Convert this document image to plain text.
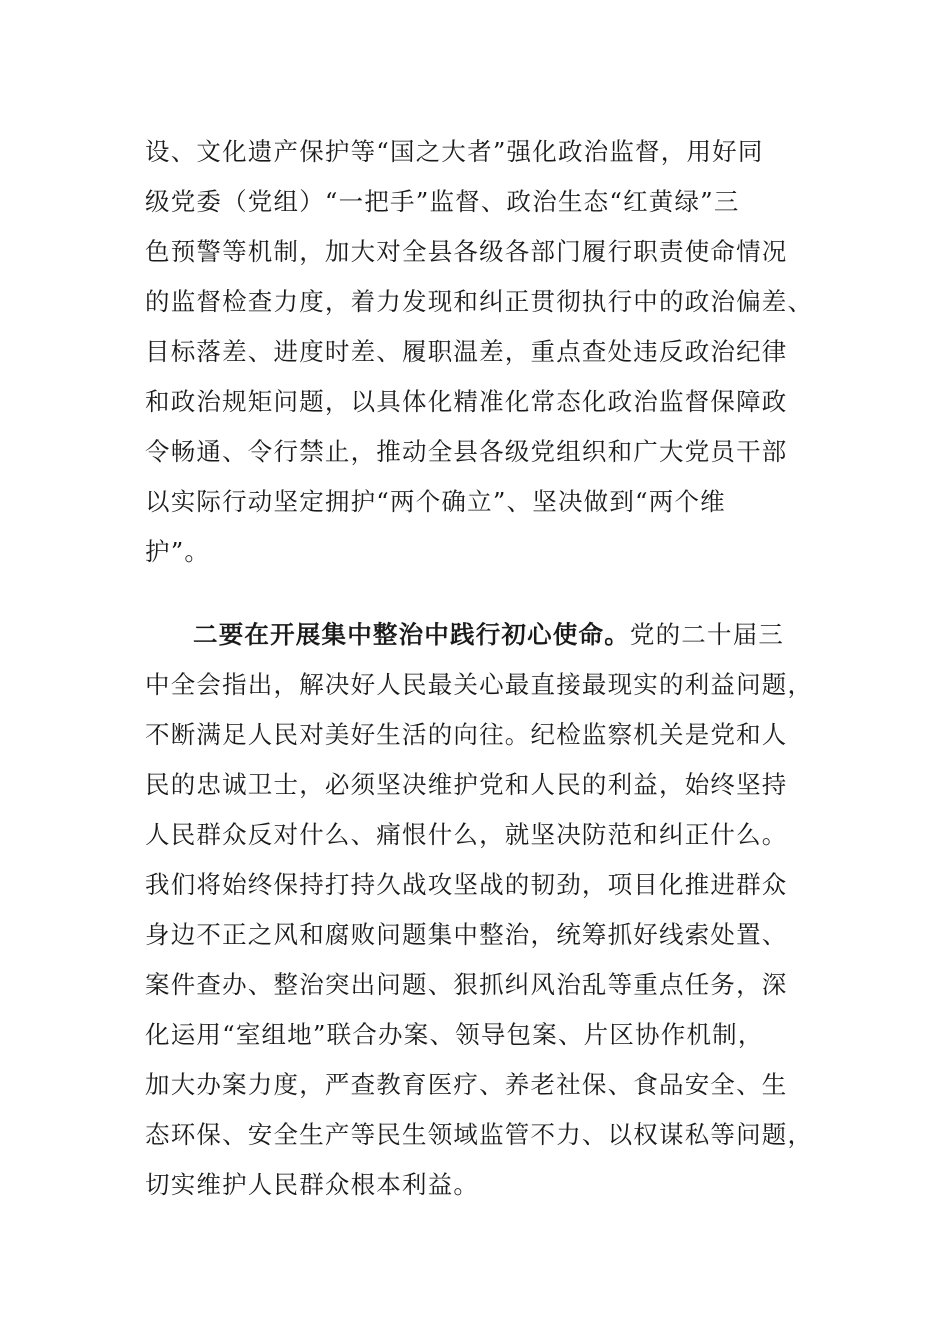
设、文化遗产保护等“国之大者”强化政治监督，用好同
级党委（党组）“一把手”监督、政治生态“红黄绿”三
色预警等机制，加大对全县各级各部门履行职责使命情况
的监督检查力度，着力发现和纠正贯彻执行中的政治偏差、
目标落差、进度时差、履职温差，重点查处违反政治纪律
和政治规矩问题，以具体化精准化常态化政治监督保障政
令畅通、令行禁止，推动全县各级党组织和广大党员干部
以实际行动坚定拥护“两个确立”、坚决做到“两个维
护”。
二要在开展集中整治中践行初心使命。党的二十届三
中全会指出，解决好人民最关心最直接最现实的利益问题，
不断满足人民对美好生活的向往。纪检监察机关是党和人
民的忠诚卫士，必须坚决维护党和人民的利益，始终坚持
人民群众反对什么、痛恨什么，就坚决防范和纠正什么。
我们将始终保持打持久战攻坚战的韧劲，项目化推进群众
身边不正之风和腐败问题集中整治，统筹抓好线索处置、
案件查办、整治突出问题、狠抓纠风治乱等重点任务，深
化运用“室组地”联合办案、领导包案、片区协作机制，
加大办案力度，严查教育医疗、养老社保、食品安全、生
态环保、安全生产等民生领域监管不力、以权谋私等问题，
切实维护人民群众根本利益。
